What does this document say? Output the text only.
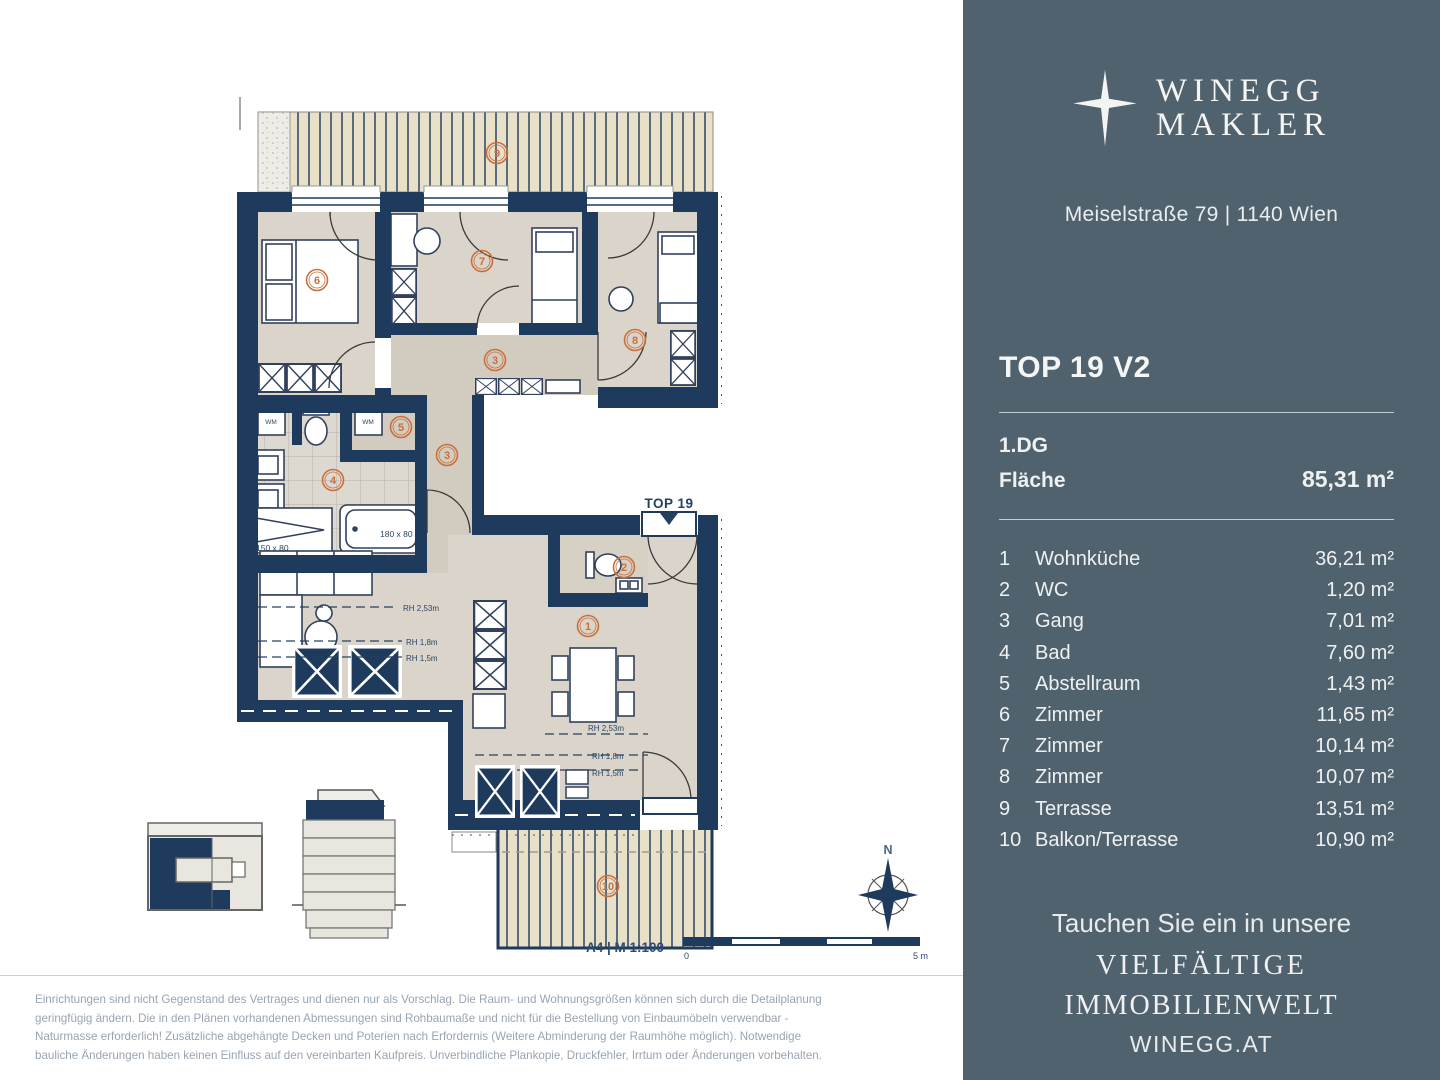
TOP 19
150 x 80
180 x 80
WM	WM
RH 2,53m
RH 1,8m
RH 1,5m
RH 2,53m
RH 1,8m
RH 1,5m
N
A4 | M 1:100
0	5 m
1
2
3
3
4
5
6
7
8
9
10
Einrichtungen sind nicht Gegenstand des Vertrages und dienen nur als Vorschlag. Die Raum- und Wohnungsgrößen können sich durch die Detailplanung
geringfügig ändern. Die in den Plänen vorhandenen Abmessungen sind Rohbaumaße und nicht für die Bestellung von Einbaumöbeln verwendbar -
Naturmasse erforderlich! Zusätzliche abgehängte Decken und Poterien nach Erfordernis (Weitere Abminderung der Raumhöhe möglich). Notwendige
bauliche Änderungen haben keinen Einfluss auf den vereinbarten Kaufpreis. Unverbindliche Plankopie, Druckfehler, Irrtum oder Änderungen vorbehalten.
WINEGG
MAKLER
Meiselstraße 79 | 1140 Wien
TOP 19 V2
1.DG
Fläche	85,31 m²
1	Wohnküche	36,21 m²
2	WC	1,20 m²
3	Gang	7,01 m²
4	Bad	7,60 m²
5	Abstellraum	1,43 m²
6	Zimmer	11,65 m²
7	Zimmer	10,14 m²
8	Zimmer	10,07 m²
9	Terrasse	13,51 m²
10 Balkon/Terrasse	10,90 m²
Tauchen Sie ein in unsere
VIELFÄLTIGE
IMMOBILIENWELT
WINEGG.AT
